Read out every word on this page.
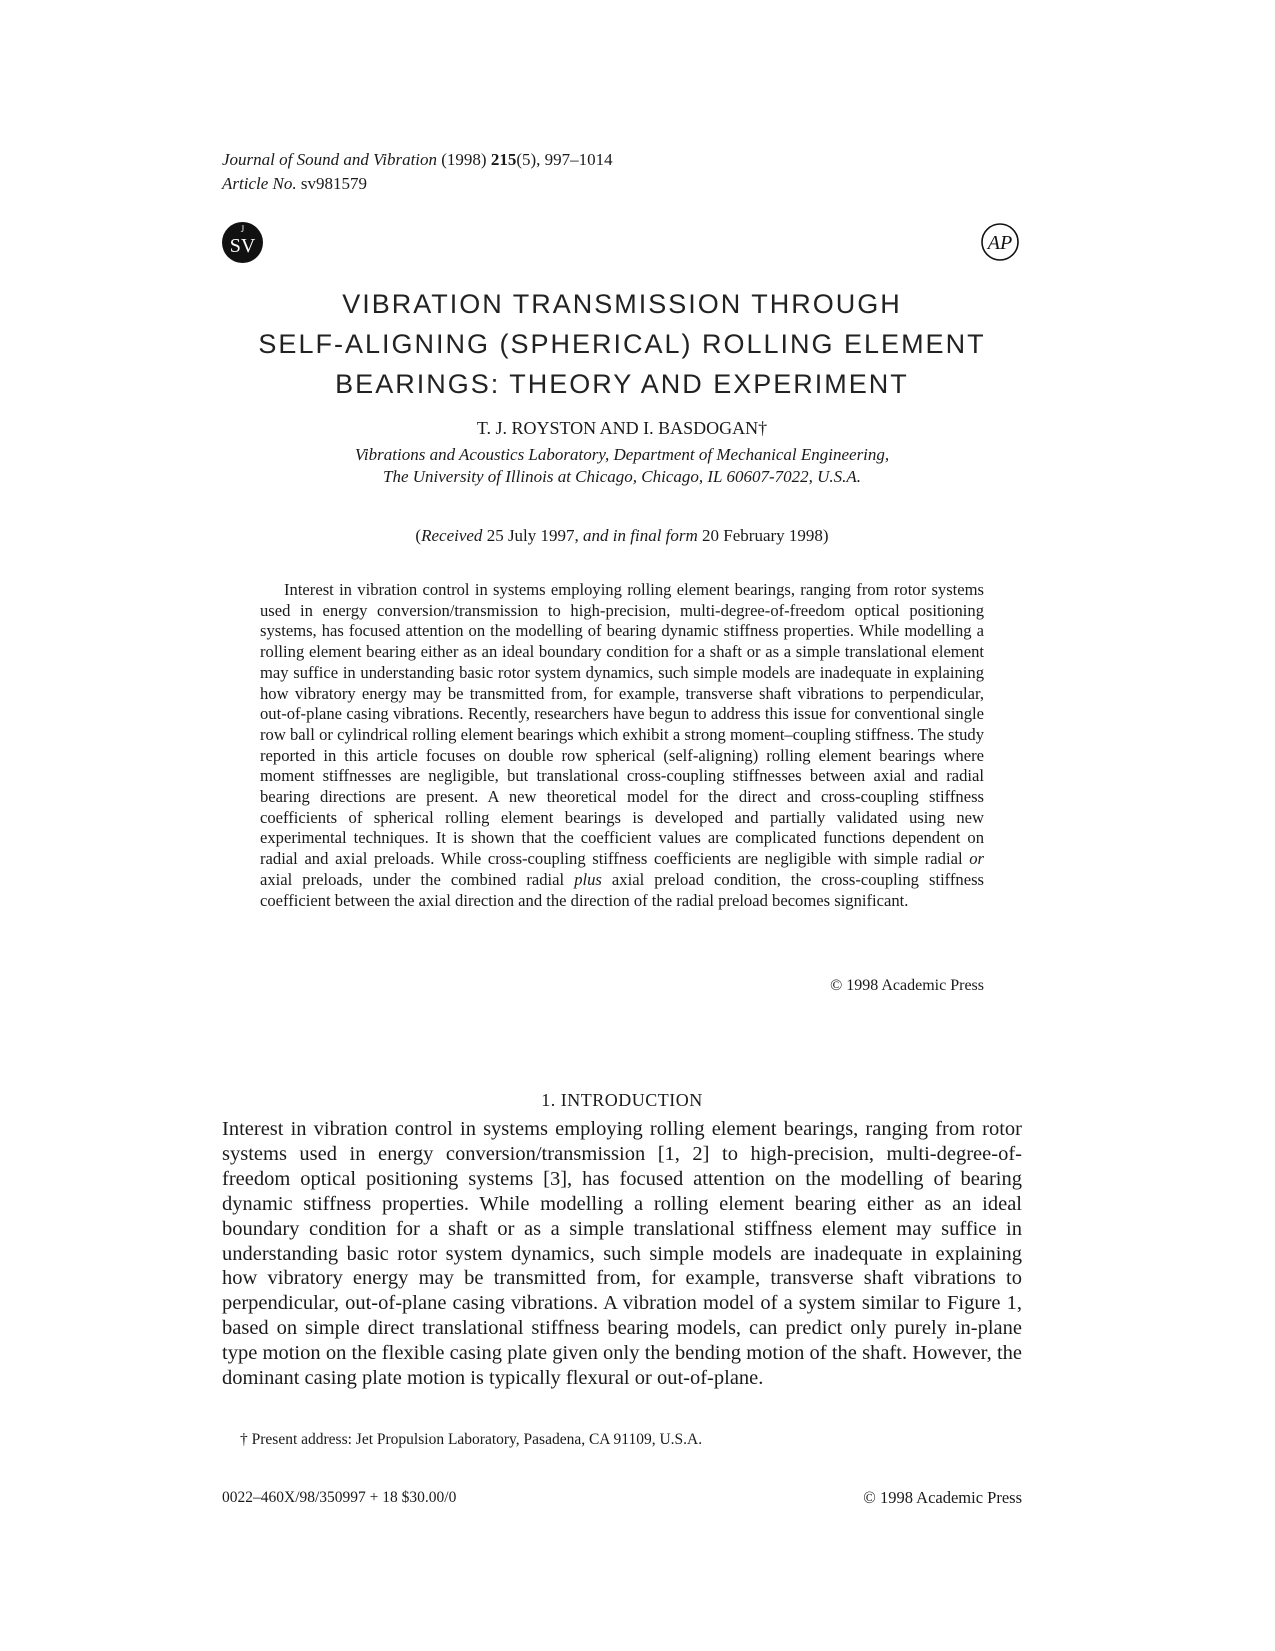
Journal of Sound and Vibration (1998) 215(5), 997–1014
Article No. sv981579
J
SV	AP
VIBRATION TRANSMISSION THROUGH
SELF-ALIGNING (SPHERICAL) ROLLING ELEMENT
BEARINGS: THEORY AND EXPERIMENT
T. J. ROYSTON AND I. BASDOGAN†
Vibrations and Acoustics Laboratory, Department of Mechanical Engineering,
The University of Illinois at Chicago, Chicago, IL 60607-7022, U.S.A.
(Received 25 July 1997, and in final form 20 February 1998)

Interest in vibration control in systems employing rolling element bearings, ranging from rotor systems used in energy conversion/transmission to high-precision, multi-degree-of-freedom optical positioning systems, has focused attention on the modelling of bearing dynamic stiffness properties. While modelling a rolling element bearing either as an ideal boundary condition for a shaft or as a simple translational element may suffice in understanding basic rotor system dynamics, such simple models are inadequate in explaining how vibratory energy may be transmitted from, for example, transverse shaft vibrations to perpendicular, out-of-plane casing vibrations. Recently, researchers have begun to address this issue for conventional single row ball or cylindrical rolling element bearings which exhibit a strong moment–coupling stiffness. The study reported in this article focuses on double row spherical (self-aligning) rolling element bearings where moment stiffnesses are negligible, but translational cross-coupling stiffnesses between axial and radial bearing directions are present. A new theoretical model for the direct and cross-coupling stiffness coefficients of spherical rolling element bearings is developed and partially validated using new experimental techniques. It is shown that the coefficient values are complicated functions dependent on radial and axial preloads. While cross-coupling stiffness coefficients are negligible with simple radial or axial preloads, under the combined radial plus axial preload condition, the cross-coupling stiffness coefficient between the axial direction and the direction of the radial preload becomes significant.

© 1998 Academic Press
1. INTRODUCTION

Interest in vibration control in systems employing rolling element bearings, ranging from rotor systems used in energy conversion/transmission [1, 2] to high-precision, multi-degree-of-freedom optical positioning systems [3], has focused attention on the modelling of bearing dynamic stiffness properties. While modelling a rolling element bearing either as an ideal boundary condition for a shaft or as a simple translational stiffness element may suffice in understanding basic rotor system dynamics, such simple models are inadequate in explaining how vibratory energy may be transmitted from, for example, transverse shaft vibrations to perpendicular, out-of-plane casing vibrations. A vibration model of a system similar to Figure 1, based on simple direct translational stiffness bearing models, can predict only purely in-plane type motion on the flexible casing plate given only the bending motion of the shaft. However, the dominant casing plate motion is typically flexural or out-of-plane.

† Present address: Jet Propulsion Laboratory, Pasadena, CA 91109, U.S.A.
0022–460X/98/350997 + 18 $30.00/0	© 1998 Academic Press
